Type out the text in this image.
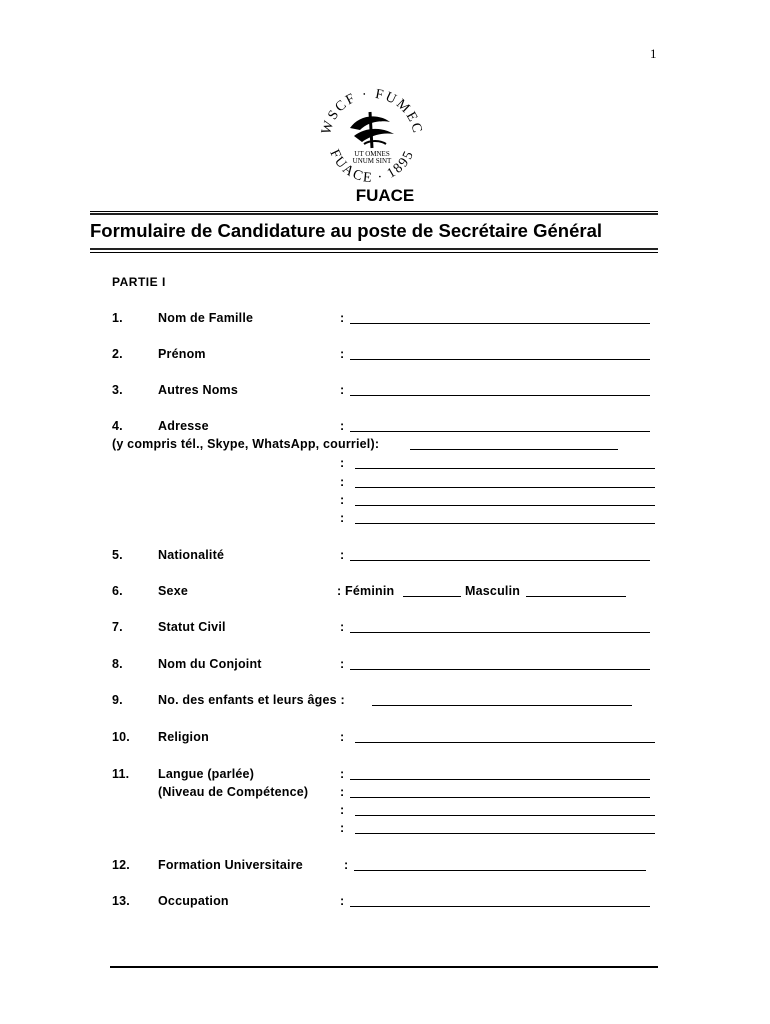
1
WSCF · FUMEC
FUACE · 1895
UT OMNES
UNUM SINT
FUACE
Formulaire de Candidature au poste de Secrétaire Général
PARTIE I
1.	Nom de Famille	:
2.	Prénom	:
3.	Autres Noms	:
4.	Adresse	:
(y compris tél., Skype, WhatsApp, courriel):
:
:
:
:
5.	Nationalité	:
6.	Sexe	: Féminin	Masculin
7.	Statut Civil	:
8.	Nom du Conjoint	:
9.	No. des enfants et leurs âges :
10. Religion	:
11. Langue (parlée)	:
(Niveau de Compétence)	:
:
:
12. Formation Universitaire	:
13. Occupation	:
